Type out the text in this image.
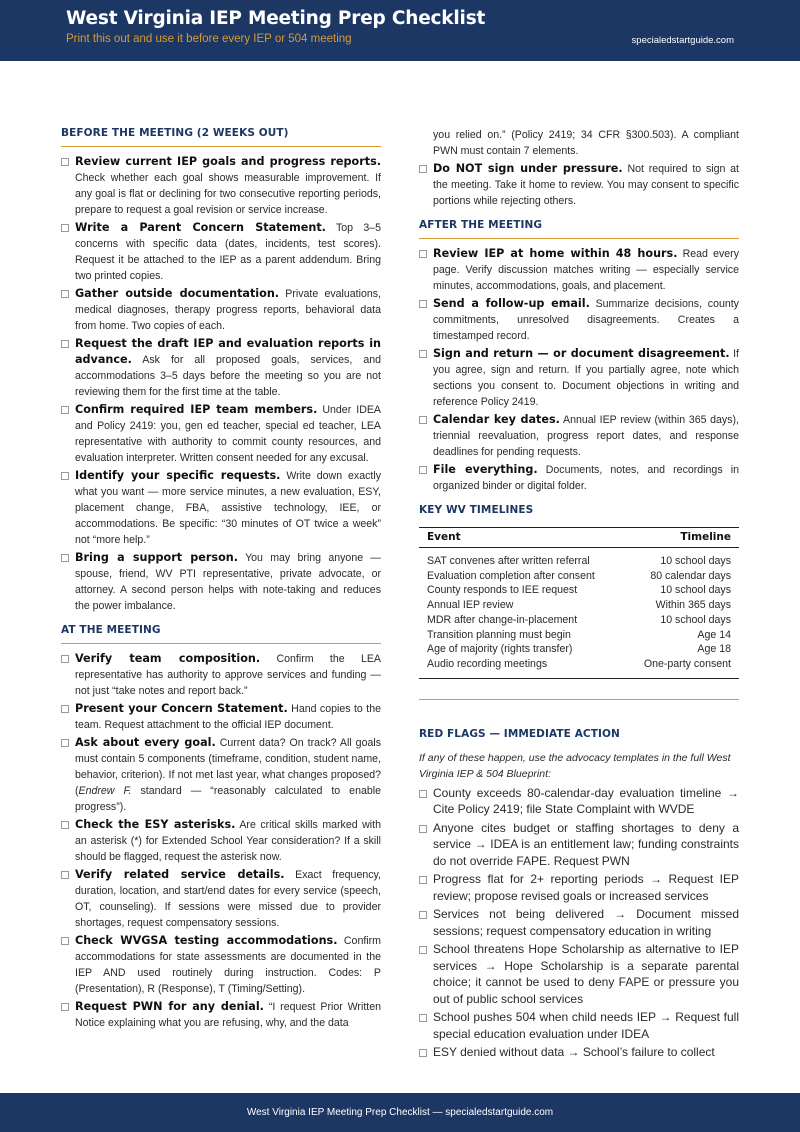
West Virginia IEP Meeting Prep Checklist
Print this out and use it before every IEP or 504 meeting	specialedstartguide.com
BEFORE THE MEETING (2 WEEKS OUT)
Review current IEP goals and progress reports. Check whether each goal shows measurable improvement. If any goal is flat or declining for two consecutive reporting periods, prepare to request a goal revision or service increase.
Write a Parent Concern Statement. Top 3–5 concerns with specific data (dates, incidents, test scores). Request it be attached to the IEP as a parent addendum. Bring two printed copies.
Gather outside documentation. Private evaluations, medical diagnoses, therapy progress reports, behavioral data from home. Two copies of each.
Request the draft IEP and evaluation reports in advance. Ask for all proposed goals, services, and accommodations 3–5 days before the meeting so you are not reviewing them for the first time at the table.
Confirm required IEP team members. Under IDEA and Policy 2419: you, gen ed teacher, special ed teacher, LEA representative with authority to commit county resources, and evaluation interpreter. Written consent needed for any excusal.
Identify your specific requests. Write down exactly what you want — more service minutes, a new evaluation, ESY, placement change, FBA, assistive technology, IEE, or accommodations. Be specific: “30 minutes of OT twice a week” not “more help.”
Bring a support person. You may bring anyone — spouse, friend, WV PTI representative, private advocate, or attorney. A second person helps with note-taking and reduces the power imbalance.
AT THE MEETING
Verify team composition. Confirm the LEA representative has authority to approve services and funding — not just “take notes and report back.”
Present your Concern Statement. Hand copies to the team. Request attachment to the official IEP document.
Ask about every goal. Current data? On track? All goals must contain 5 components (timeframe, condition, student name, behavior, criterion). If not met last year, what changes proposed? (Endrew F. standard — “reasonably calculated to enable progress”).
Check the ESY asterisks. Are critical skills marked with an asterisk (*) for Extended School Year consideration? If a skill should be flagged, request the asterisk now.
Verify related service details. Exact frequency, duration, location, and start/end dates for every service (speech, OT, counseling). If sessions were missed due to provider shortages, request compensatory sessions.
Check WVGSA testing accommodations. Confirm accommodations for state assessments are documented in the IEP AND used routinely during instruction. Codes: P (Presentation), R (Response), T (Timing/Setting).
Request PWN for any denial. “I request Prior Written Notice explaining what you are refusing, why, and the data
you relied on.” (Policy 2419; 34 CFR §300.503). A compliant PWN must contain 7 elements.
Do NOT sign under pressure. Not required to sign at the meeting. Take it home to review. You may consent to specific portions while rejecting others.
AFTER THE MEETING
Review IEP at home within 48 hours. Read every page. Verify discussion matches writing — especially service minutes, accommodations, goals, and placement.
Send a follow-up email. Summarize decisions, county commitments, unresolved disagreements. Creates a timestamped record.
Sign and return — or document disagreement. If you agree, sign and return. If you partially agree, note which sections you consent to. Document objections in writing and reference Policy 2419.
Calendar key dates. Annual IEP review (within 365 days), triennial reevaluation, progress report dates, and response deadlines for pending requests.
File everything. Documents, notes, and recordings in organized binder or digital folder.
KEY WV TIMELINES
Event	Timeline
SAT convenes after written referral	10 school days
Evaluation completion after consent	80 calendar days
County responds to IEE request	10 school days
Annual IEP review	Within 365 days
MDR after change-in-placement	10 school days
Transition planning must begin	Age 14
Age of majority (rights transfer)	Age 18
Audio recording meetings	One-party consent
RED FLAGS — IMMEDIATE ACTION
If any of these happen, use the advocacy templates in the full West Virginia IEP & 504 Blueprint:
County exceeds 80-calendar-day evaluation timeline → Cite Policy 2419; file State Complaint with WVDE
Anyone cites budget or staffing shortages to deny a service → IDEA is an entitlement law; funding constraints do not override FAPE. Request PWN
Progress flat for 2+ reporting periods → Request IEP review; propose revised goals or increased services
Services not being delivered → Document missed sessions; request compensatory education in writing
School threatens Hope Scholarship as alternative to IEP services → Hope Scholarship is a separate parental choice; it cannot be used to deny FAPE or pressure you out of public school services
School pushes 504 when child needs IEP → Request full special education evaluation under IDEA
ESY denied without data → School’s failure to collect
West Virginia IEP Meeting Prep Checklist — specialedstartguide.com
